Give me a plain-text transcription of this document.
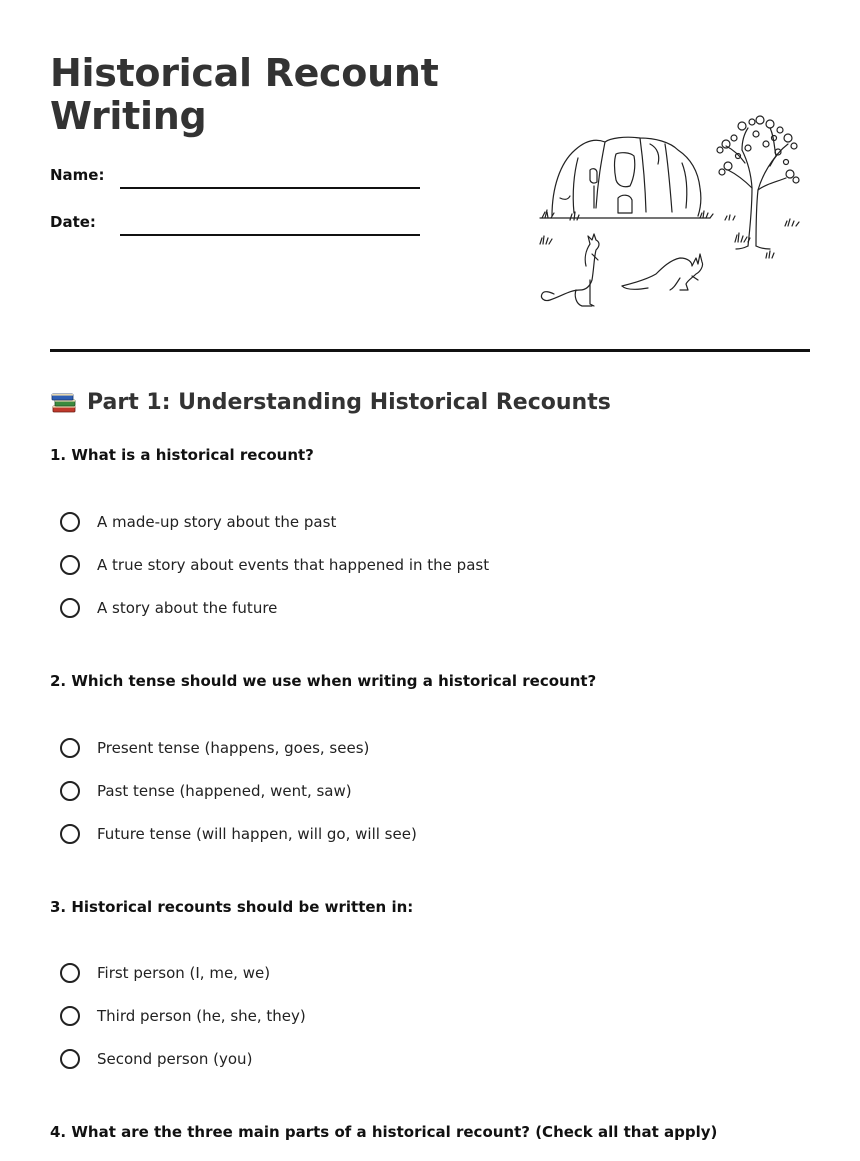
Historical Recount Writing
Name:
Date:
Part 1: Understanding Historical Recounts
1. What is a historical recount?
A made-up story about the past
A true story about events that happened in the past
A story about the future
2. Which tense should we use when writing a historical recount?
Present tense (happens, goes, sees)
Past tense (happened, went, saw)
Future tense (will happen, will go, will see)
3. Historical recounts should be written in:
First person (I, me, we)
Third person (he, she, they)
Second person (you)
4. What are the three main parts of a historical recount? (Check all that apply)
